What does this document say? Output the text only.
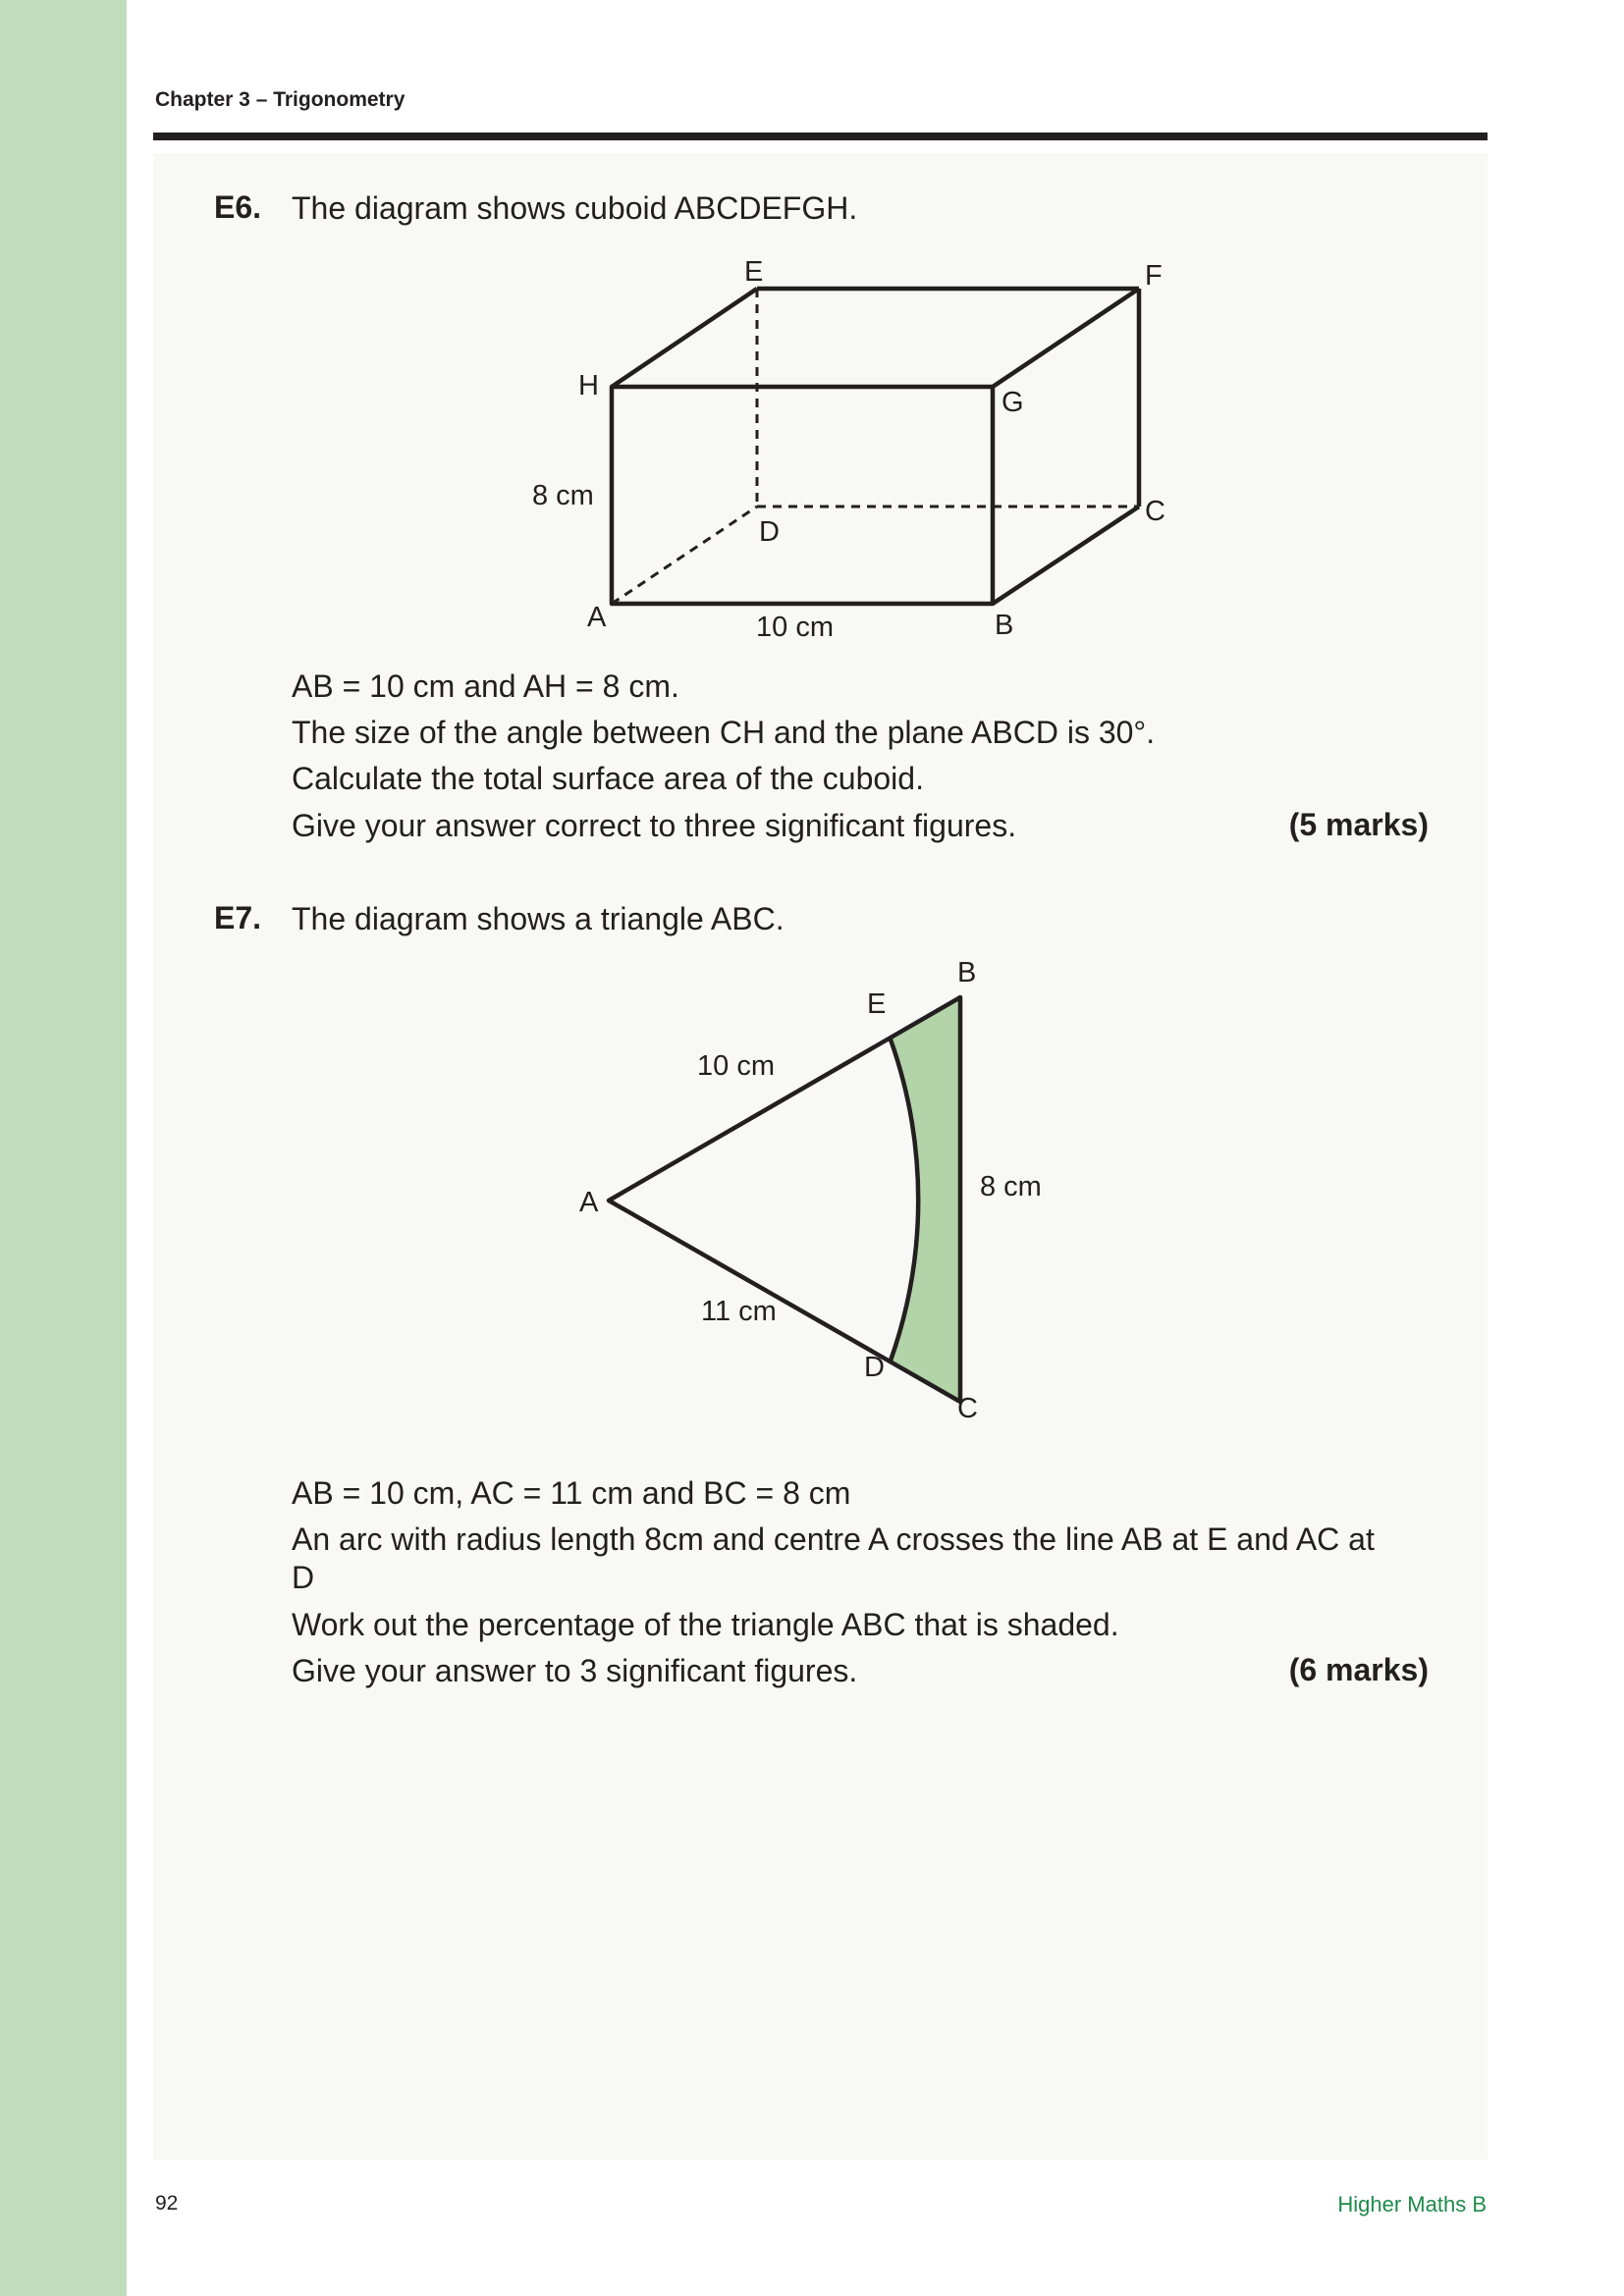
Chapter 3 – Trigonometry
E6. The diagram shows cuboid ABCDEFGH.
A	B
C
D
E	F
G
H
8 cm
10 cm
AB = 10 cm and AH = 8 cm.
The size of the angle between CH and the plane ABCD is 30°.
Calculate the total surface area of the cuboid.
Give your answer correct to three significant figures.	(5 marks)
E7. The diagram shows a triangle ABC.
A
B
C
D
E
10 cm
11 cm
8 cm
AB = 10 cm, AC = 11 cm and BC = 8 cm
An arc with radius length 8cm and centre A crosses the line AB at E and AC at D
Work out the percentage of the triangle ABC that is shaded.
Give your answer to 3 significant figures.	(6 marks)
92	Higher Maths B
